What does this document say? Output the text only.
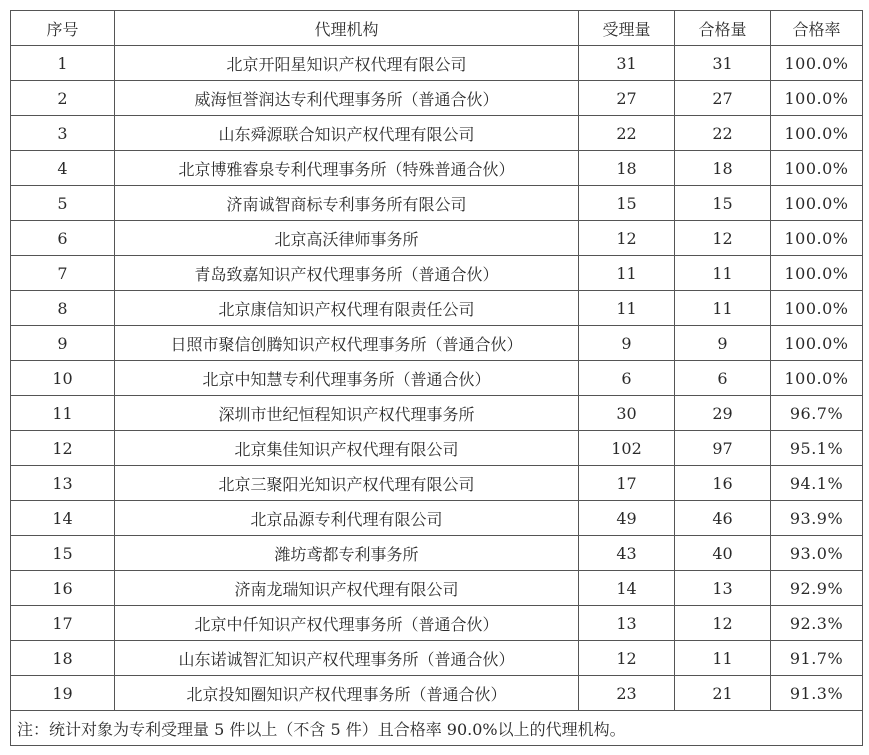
序号	代理机构	受理量	合格量	合格率
1	北京开阳星知识产权代理有限公司	31	31	100.0%
2	威海恒誉润达专利代理事务所（普通合伙）	27	27	100.0%
3	山东舜源联合知识产权代理有限公司	22	22	100.0%
4	北京博雅睿泉专利代理事务所（特殊普通合伙）	18	18	100.0%
5	济南诚智商标专利事务所有限公司	15	15	100.0%
6	北京高沃律师事务所	12	12	100.0%
7	青岛致嘉知识产权代理事务所（普通合伙）	11	11	100.0%
8	北京康信知识产权代理有限责任公司	11	11	100.0%
9	日照市聚信创腾知识产权代理事务所（普通合伙）	9	9	100.0%
10	北京中知慧专利代理事务所（普通合伙）	6	6	100.0%
11	深圳市世纪恒程知识产权代理事务所	30	29	96.7%
12	北京集佳知识产权代理有限公司	102	97	95.1%
13	北京三聚阳光知识产权代理有限公司	17	16	94.1%
14	北京品源专利代理有限公司	49	46	93.9%
15	潍坊鸢都专利事务所	43	40	93.0%
16	济南龙瑞知识产权代理有限公司	14	13	92.9%
17	北京中仟知识产权代理事务所（普通合伙）	13	12	92.3%
18	山东诺诚智汇知识产权代理事务所（普通合伙）	12	11	91.7%
19	北京投知圈知识产权代理事务所（普通合伙）	23	21	91.3%
注：统计对象为专利受理量 5 件以上（不含 5 件）且合格率 90.0%以上的代理机构。				
